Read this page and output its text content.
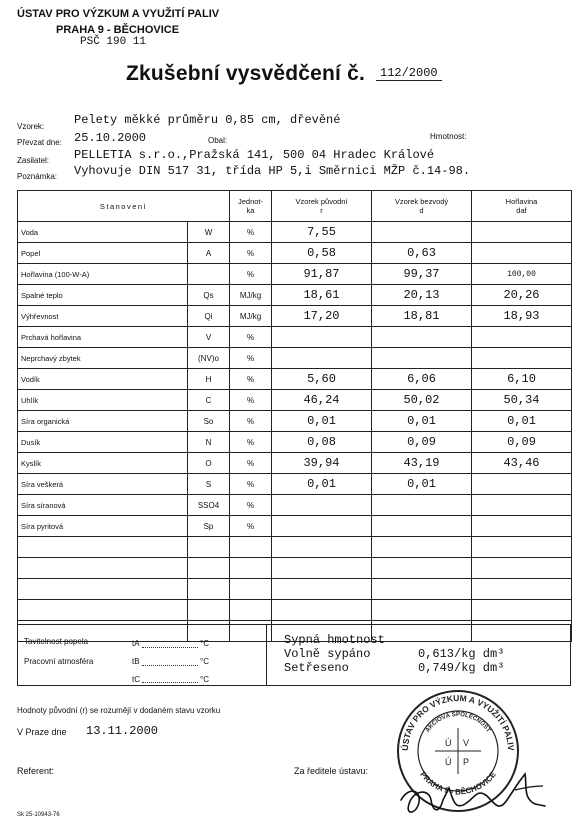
ÚSTAV PRO VÝZKUM A VYUŽITÍ PALIV
PRAHA 9 - BĚCHOVICE
PSČ 190 11
Zkušební vysvědčení č.	112/2000
Vzorek: Pelety měkké průměru 0,85 cm, dřevěné
Převzat dne: 25.10.2000	Obal:	Hmotnost:
Zasilatel: PELLETIA s.r.o.,Pražská 141, 500 04 Hradec Králové
Poznámka: Vyhovuje DIN 517 31, třída HP 5,i Směrnici MŽP č.14-98.
Stanovení		Jednot-ka	Vzorek původní
r	Vzorek bezvodý
d	Hořlavina
daf
Voda	W	%	7,55		
Popel	A	%	0,58	0,63	
Hořlavina (100-W-A)		%	91,87	99,37	100,00
Spalné teplo	Qs	MJ/kg	18,61	20,13	20,26
Výhřevnost	Qi	MJ/kg	17,20	18,81	18,93
Prchavá hořlavina	V	%			
Neprchavý zbytek	(NV)o	%			
Vodík	H	%	5,60	6,06	6,10
Uhlík	C	%	46,24	50,02	50,34
Síra organická	So	%	0,01	0,01	0,01
Dusík	N	%	0,08	0,09	0,09
Kyslík	O	%	39,94	43,19	43,46
Síra veškerá	S	%	0,01	0,01	
Síra síranová	SSO4	%			
Síra pyritová	Sp	%			

Tavitelnost popela
Pracovní atmosféra
tA	°C
tB	°C
tC	°C
Sypná hmotnost
Volně sypáno	0,613/kg dm³
Setřeseno	0,749/kg dm³
Hodnoty původní (r) se rozumějí v dodaném stavu vzorku
V Praze dne 13.11.2000
Referent:	Za ředitele ústavu:
Sk 25-10943-76
ÚSTAV PRO VÝZKUM A VYUŽITÍ PALIV
AKCIOVÁ SPOLEČNOST
PRAHA 9 - BĚCHOVICE
Ú V
Ú P
